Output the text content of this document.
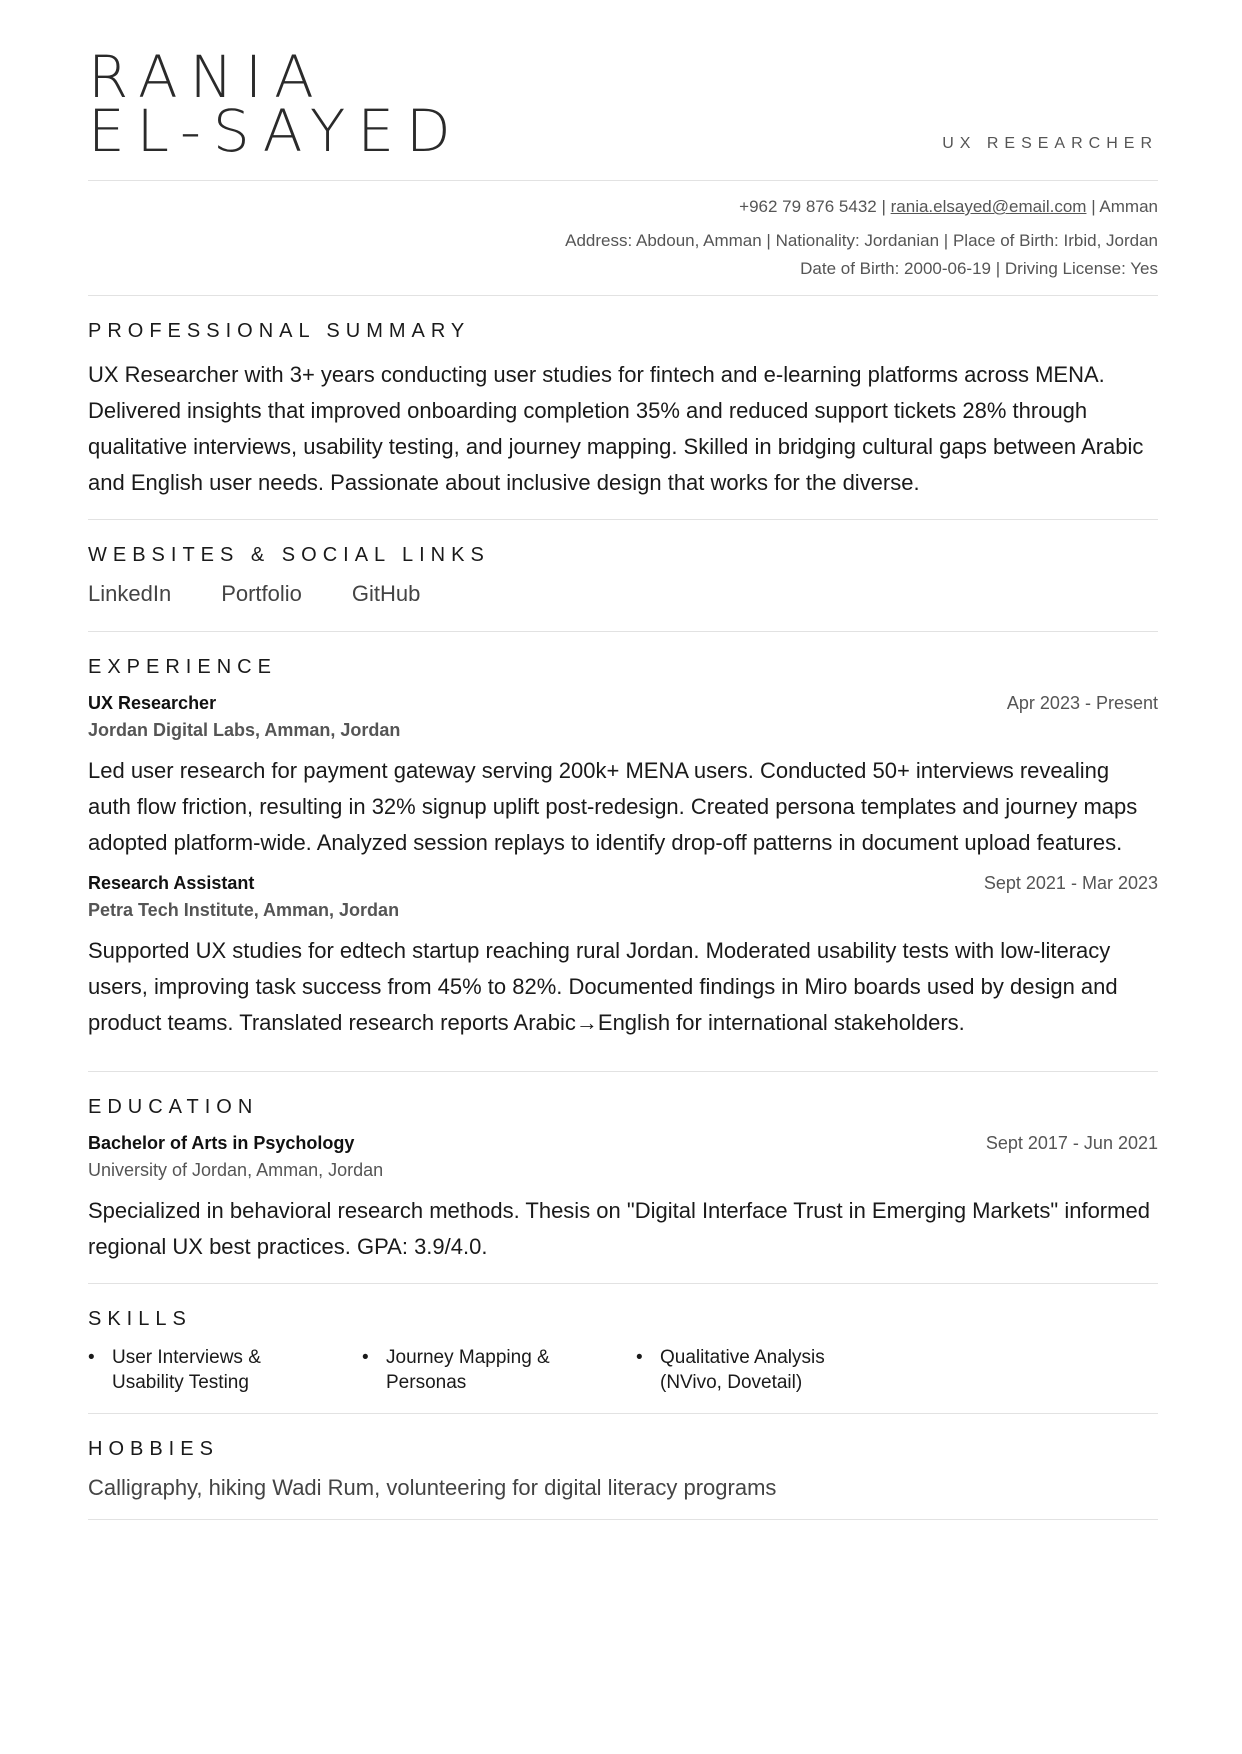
RANIA
EL-SAYED	UX RESEARCHER
+962 79 876 5432 | rania.elsayed@email.com | Amman
Address: Abdoun, Amman | Nationality: Jordanian | Place of Birth: Irbid, Jordan
Date of Birth: 2000-06-19 | Driving License: Yes
PROFESSIONAL SUMMARY

UX Researcher with 3+ years conducting user studies for fintech and e-learning platforms across MENA. Delivered insights that improved onboarding completion 35% and reduced support tickets 28% through qualitative interviews, usability testing, and journey mapping. Skilled in bridging cultural gaps between Arabic and English user needs. Passionate about inclusive design that works for the diverse.

WEBSITES & SOCIAL LINKS
LinkedIn Portfolio GitHub
EXPERIENCE
UX Researcher	Apr 2023 - Present
Jordan Digital Labs, Amman, Jordan

Led user research for payment gateway serving 200k+ MENA users. Conducted 50+ interviews revealing auth flow friction, resulting in 32% signup uplift post-redesign. Created persona templates and journey maps adopted platform-wide. Analyzed session replays to identify drop-off patterns in document upload features.

Research Assistant	Sept 2021 - Mar 2023
Petra Tech Institute, Amman, Jordan

Supported UX studies for edtech startup reaching rural Jordan. Moderated usability tests with low-literacy users, improving task success from 45% to 82%. Documented findings in Miro boards used by design and product teams. Translated research reports Arabic→English for international stakeholders.

EDUCATION
Bachelor of Arts in Psychology	Sept 2017 - Jun 2021
University of Jordan, Amman, Jordan

Specialized in behavioral research methods. Thesis on "Digital Interface Trust in Emerging Markets" informed regional UX best practices. GPA: 3.9/4.0.

SKILLS
• User Interviews &
Usability Testing
• Journey Mapping &
Personas
• Qualitative Analysis
(NVivo, Dovetail)
HOBBIES
Calligraphy, hiking Wadi Rum, volunteering for digital literacy programs
